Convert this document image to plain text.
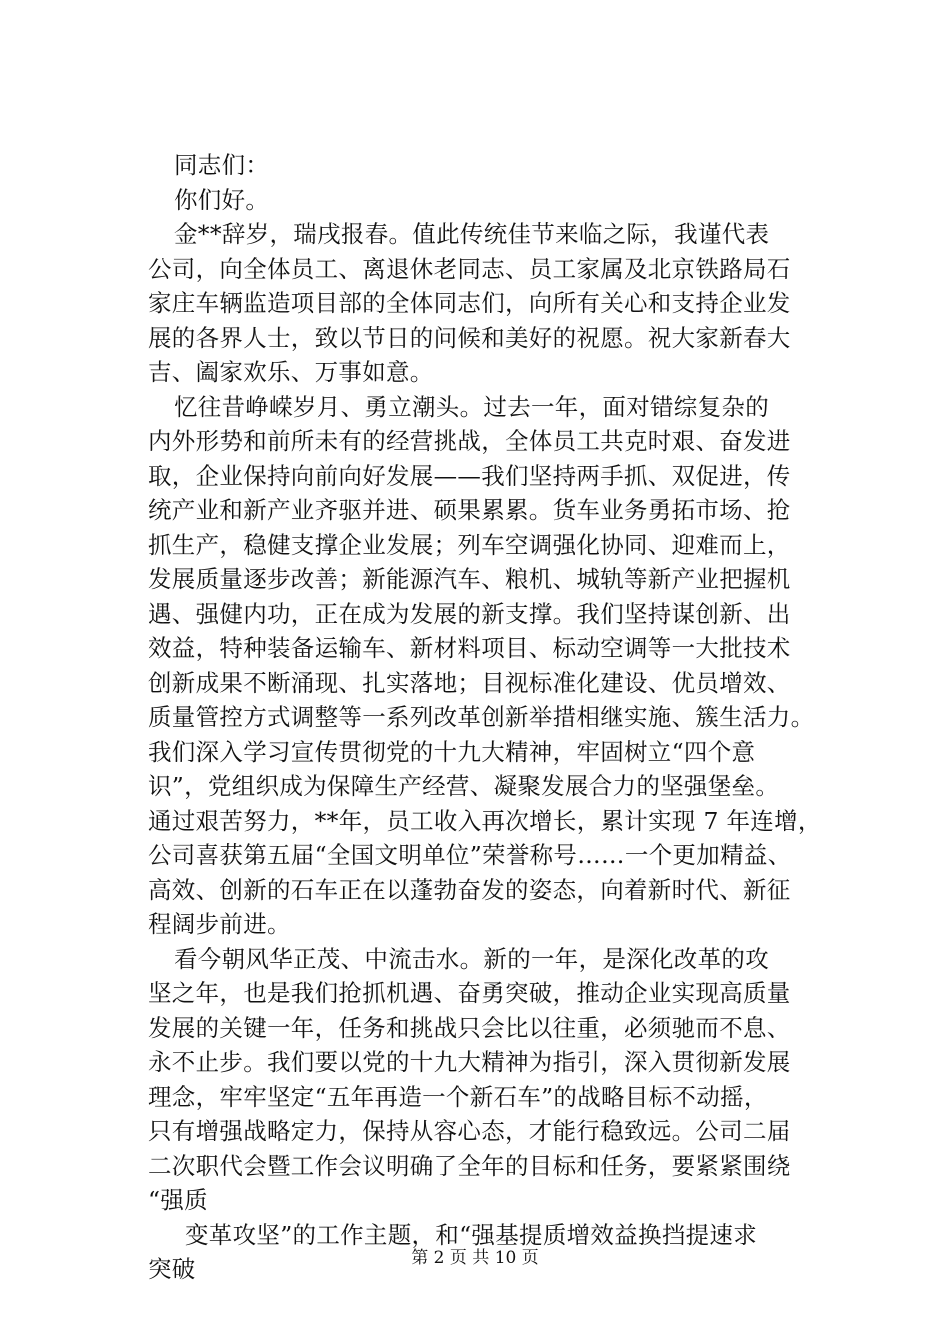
同志们：
你们好。
金**辞岁，瑞戌报春。值此传统佳节来临之际，我谨代表
公司，向全体员工、离退休老同志、员工家属及北京铁路局石
家庄车辆监造项目部的全体同志们，向所有关心和支持企业发
展的各界人士，致以节日的问候和美好的祝愿。祝大家新春大
吉、阖家欢乐、万事如意。
忆往昔峥嵘岁月、勇立潮头。过去一年，面对错综复杂的
内外形势和前所未有的经营挑战，全体员工共克时艰、奋发进
取，企业保持向前向好发展——我们坚持两手抓、双促进，传
统产业和新产业齐驱并进、硕果累累。货车业务勇拓市场、抢
抓生产，稳健支撑企业发展；列车空调强化协同、迎难而上，
发展质量逐步改善；新能源汽车、粮机、城轨等新产业把握机
遇、强健内功，正在成为发展的新支撑。我们坚持谋创新、出
效益，特种装备运输车、新材料项目、标动空调等一大批技术
创新成果不断涌现、扎实落地；目视标准化建设、优员增效、
质量管控方式调整等一系列改革创新举措相继实施、簇生活力。
我们深入学习宣传贯彻党的十九大精神，牢固树立“四个意
识”，党组织成为保障生产经营、凝聚发展合力的坚强堡垒。
通过艰苦努力，**年，员工收入再次增长，累计实现 7 年连增，
公司喜获第五届“全国文明单位”荣誉称号……一个更加精益、
高效、创新的石车正在以蓬勃奋发的姿态，向着新时代、新征
程阔步前进。
看今朝风华正茂、中流击水。新的一年，是深化改革的攻
坚之年，也是我们抢抓机遇、奋勇突破，推动企业实现高质量
发展的关键一年，任务和挑战只会比以往重，必须驰而不息、
永不止步。我们要以党的十九大精神为指引，深入贯彻新发展
理念，牢牢坚定“五年再造一个新石车”的战略目标不动摇，
只有增强战略定力，保持从容心态，才能行稳致远。公司二届
二次职代会暨工作会议明确了全年的目标和任务，要紧紧围绕
“强质
变革攻坚”的工作主题，和“强基提质增效益换挡提速求
突破	第 2 页 共 10 页
